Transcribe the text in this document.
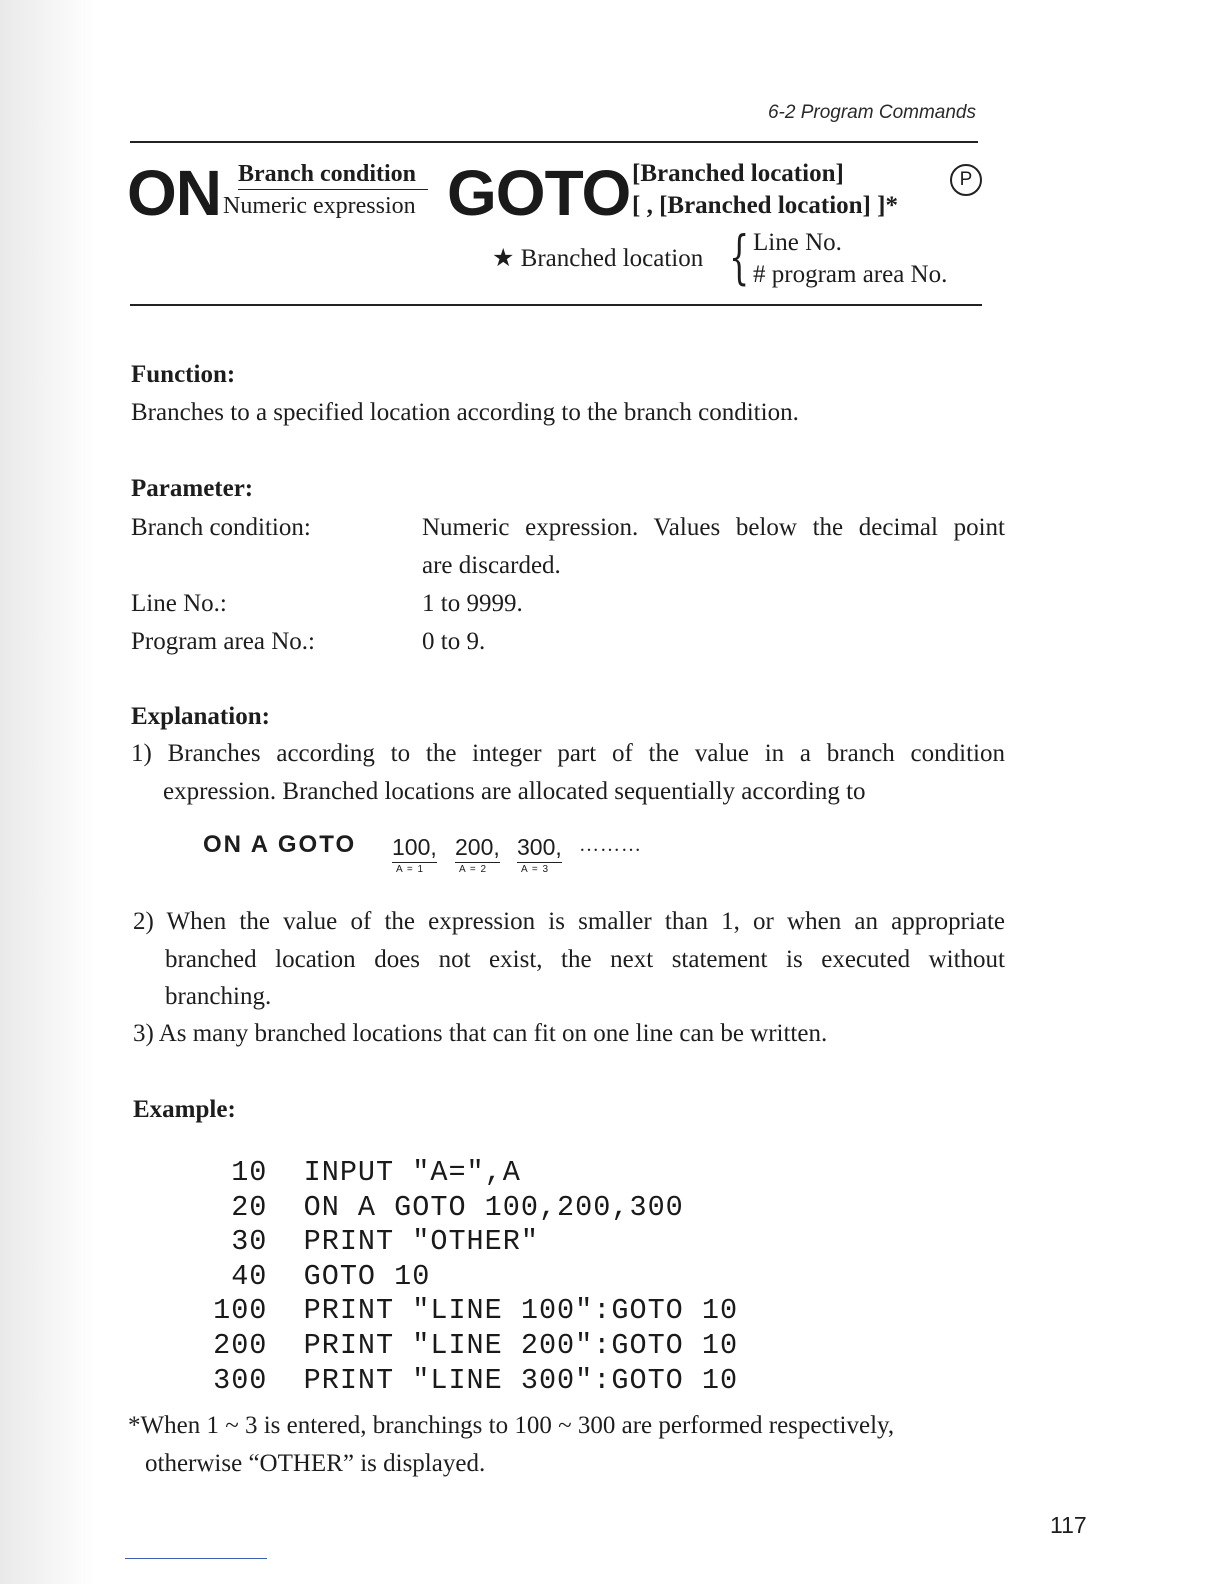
6-2 Program Commands
ON Branch condition
Numeric expression GOTO [Branched location]
[ , [Branched location] ]*
P
★ Branched location { Line No.
# program area No.
Function:
Branches to a specified location according to the branch condition.
Parameter:
Branch condition:	Numeric expression. Values below the decimal point
are discarded.
Line No.:	1 to 9999.
Program area No.:	0 to 9.
Explanation:
1) Branches according to the integer part of the value in a branch condition
expression. Branched locations are allocated sequentially according to
ON A GOTO 100, 200, 300,
A = 1	A = 2	A = 3
………
2) When the value of the expression is smaller than 1, or when an appropriate
branched location does not exist, the next statement is executed without
branching.
3) As many branched locations that can fit on one line can be written.
Example:
10  INPUT "A=",A
20  ON A GOTO 100,200,300
30  PRINT "OTHER"
40  GOTO 10
100  PRINT "LINE 100":GOTO 10
200  PRINT "LINE 200":GOTO 10
300  PRINT "LINE 300":GOTO 10
*When 1 ~ 3 is entered, branchings to 100 ~ 300 are performed respectively,
otherwise “OTHER” is displayed.
117
